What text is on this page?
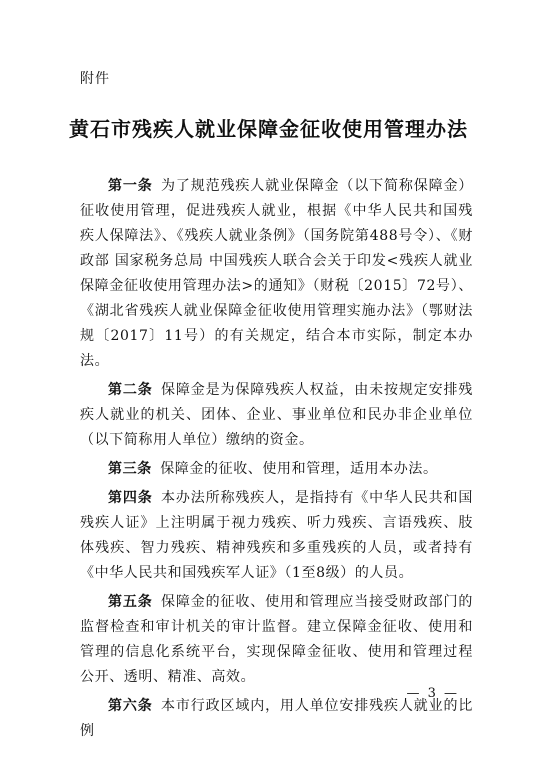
附件
黄石市残疾人就业保障金征收使用管理办法

第一条 为了规范残疾人就业保障金（以下简称保障金）征收使用管理，促进残疾人就业，根据《中华人民共和国残疾人保障法》、《残疾人就业条例》（国务院第488号令）、《财政部 国家税务总局 中国残疾人联合会关于印发<残疾人就业保障金征收使用管理办法>的通知》（财税〔2015〕72号）、《湖北省残疾人就业保障金征收使用管理实施办法》（鄂财法规〔2017〕11号）的有关规定，结合本市实际，制定本办法。

第二条 保障金是为保障残疾人权益，由未按规定安排残疾人就业的机关、团体、企业、事业单位和民办非企业单位（以下简称用人单位）缴纳的资金。

第三条 保障金的征收、使用和管理，适用本办法。

第四条 本办法所称残疾人，是指持有《中华人民共和国残疾人证》上注明属于视力残疾、听力残疾、言语残疾、肢体残疾、智力残疾、精神残疾和多重残疾的人员，或者持有《中华人民共和国残疾军人证》（1至8级）的人员。

第五条 保障金的征收、使用和管理应当接受财政部门的监督检查和审计机关的审计监督。建立保障金征收、使用和管理的信息化系统平台，实现保障金征收、使用和管理过程公开、透明、精准、高效。

第六条 本市行政区域内，用人单位安排残疾人就业的比例

— 3 —
